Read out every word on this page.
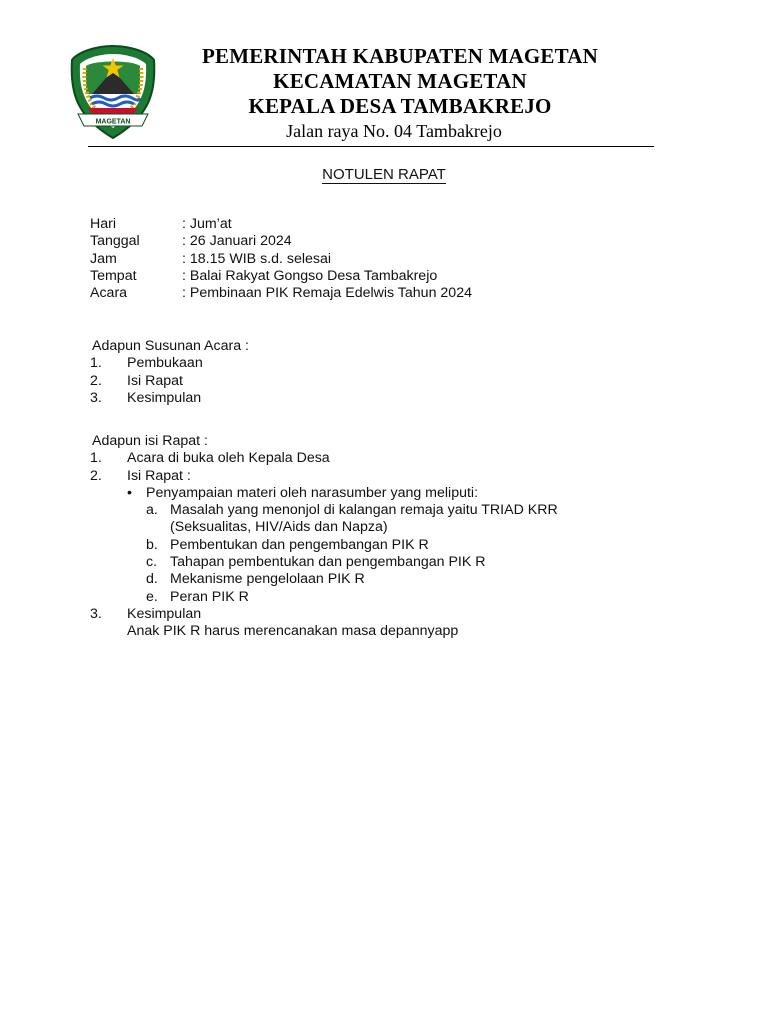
MAGETAN
PEMERINTAH KABUPATEN MAGETAN
KECAMATAN MAGETAN
KEPALA DESA TAMBAKREJO
Jalan raya No. 04 Tambakrejo
NOTULEN RAPAT
Hari	: Jum’at
Tanggal	: 26 Januari 2024
Jam	: 18.15 WIB s.d. selesai
Tempat	: Balai Rakyat Gongso Desa Tambakrejo
Acara	: Pembinaan PIK Remaja Edelwis Tahun 2024
Adapun Susunan Acara :
1.	Pembukaan
2.	Isi Rapat
3.	Kesimpulan
Adapun isi Rapat :
1.	Acara di buka oleh Kepala Desa
2.	Isi Rapat :
• Penyampaian materi oleh narasumber yang meliputi:
a. Masalah yang menonjol di kalangan remaja yaitu TRIAD KRR
(Seksualitas, HIV/Aids dan Napza)
b. Pembentukan dan pengembangan PIK R
c. Tahapan pembentukan dan pengembangan PIK R
d. Mekanisme pengelolaan PIK R
e. Peran PIK R
3.	Kesimpulan
Anak PIK R harus merencanakan masa depannyapp
